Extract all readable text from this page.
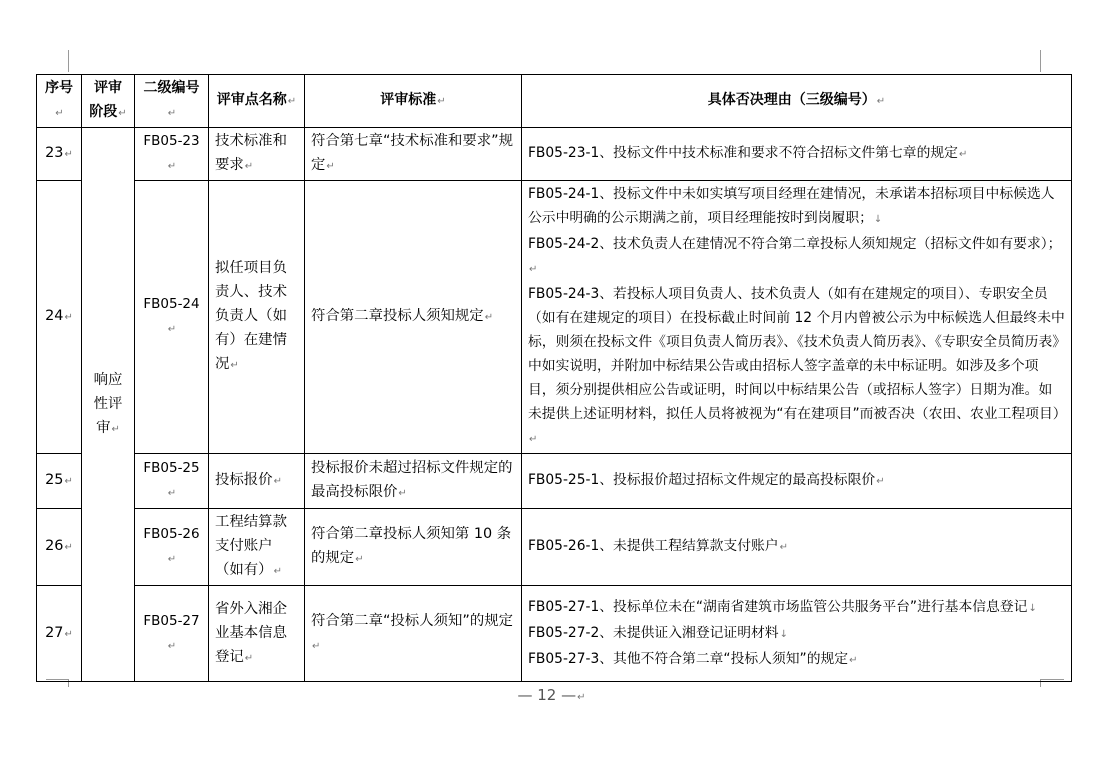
序号↵	评审阶段↵	二级编号↵	评审点名称↵	评审标准↵	具体否决理由（三级编号）↵
23↵	响应性评审↵	FB05-23↵	技术标准和要求↵	符合第七章“技术标准和要求”规定↵	FB05-23-1、投标文件中技术标准和要求不符合招标文件第七章的规定↵

24↵		FB05-24↵	拟任项目负责人、技术负责人（如有）在建情况↵	符合第二章投标人须知规定↵	FB05-24-1、投标文件中未如实填写项目经理在建情况，未承诺本招标项目中标候选人公示中明确的公示期满之前，项目经理能按时到岗履职；↓
FB05-24-2、技术负责人在建情况不符合第二章投标人须知规定（招标文件如有要求）；↵
FB05-24-3、若投标人项目负责人、技术负责人（如有在建规定的项目）、专职安全员（如有在建规定的项目）在投标截止时间前 12 个月内曾被公示为中标候选人但最终未中标，则须在投标文件《项目负责人简历表》、《技术负责人简历表》、《专职安全员简历表》中如实说明，并附加中标结果公告或由招标人签字盖章的未中标证明。如涉及多个项目，须分别提供相应公告或证明，时间以中标结果公告（或招标人签字）日期为准。如未提供上述证明材料，拟任人员将被视为“有在建项目”而被否决（农田、农业工程项目）↵

25↵		FB05-25↵	投标报价↵	投标报价未超过招标文件规定的最高投标限价↵	FB05-25-1、投标报价超过招标文件规定的最高投标限价↵

26↵		FB05-26↵	工程结算款支付账户（如有）↵	符合第二章投标人须知第 10 条的规定↵	FB05-26-1、未提供工程结算款支付账户↵

27↵		FB05-27↵	省外入湘企业基本信息登记↵	符合第二章“投标人须知”的规定↵	FB05-27-1、投标单位未在“湖南省建筑市场监管公共服务平台”进行基本信息登记↓
FB05-27-2、未提供证入湘登记证明材料↓
FB05-27-3、其他不符合第二章“投标人须知”的规定↵
— 12 —↵
